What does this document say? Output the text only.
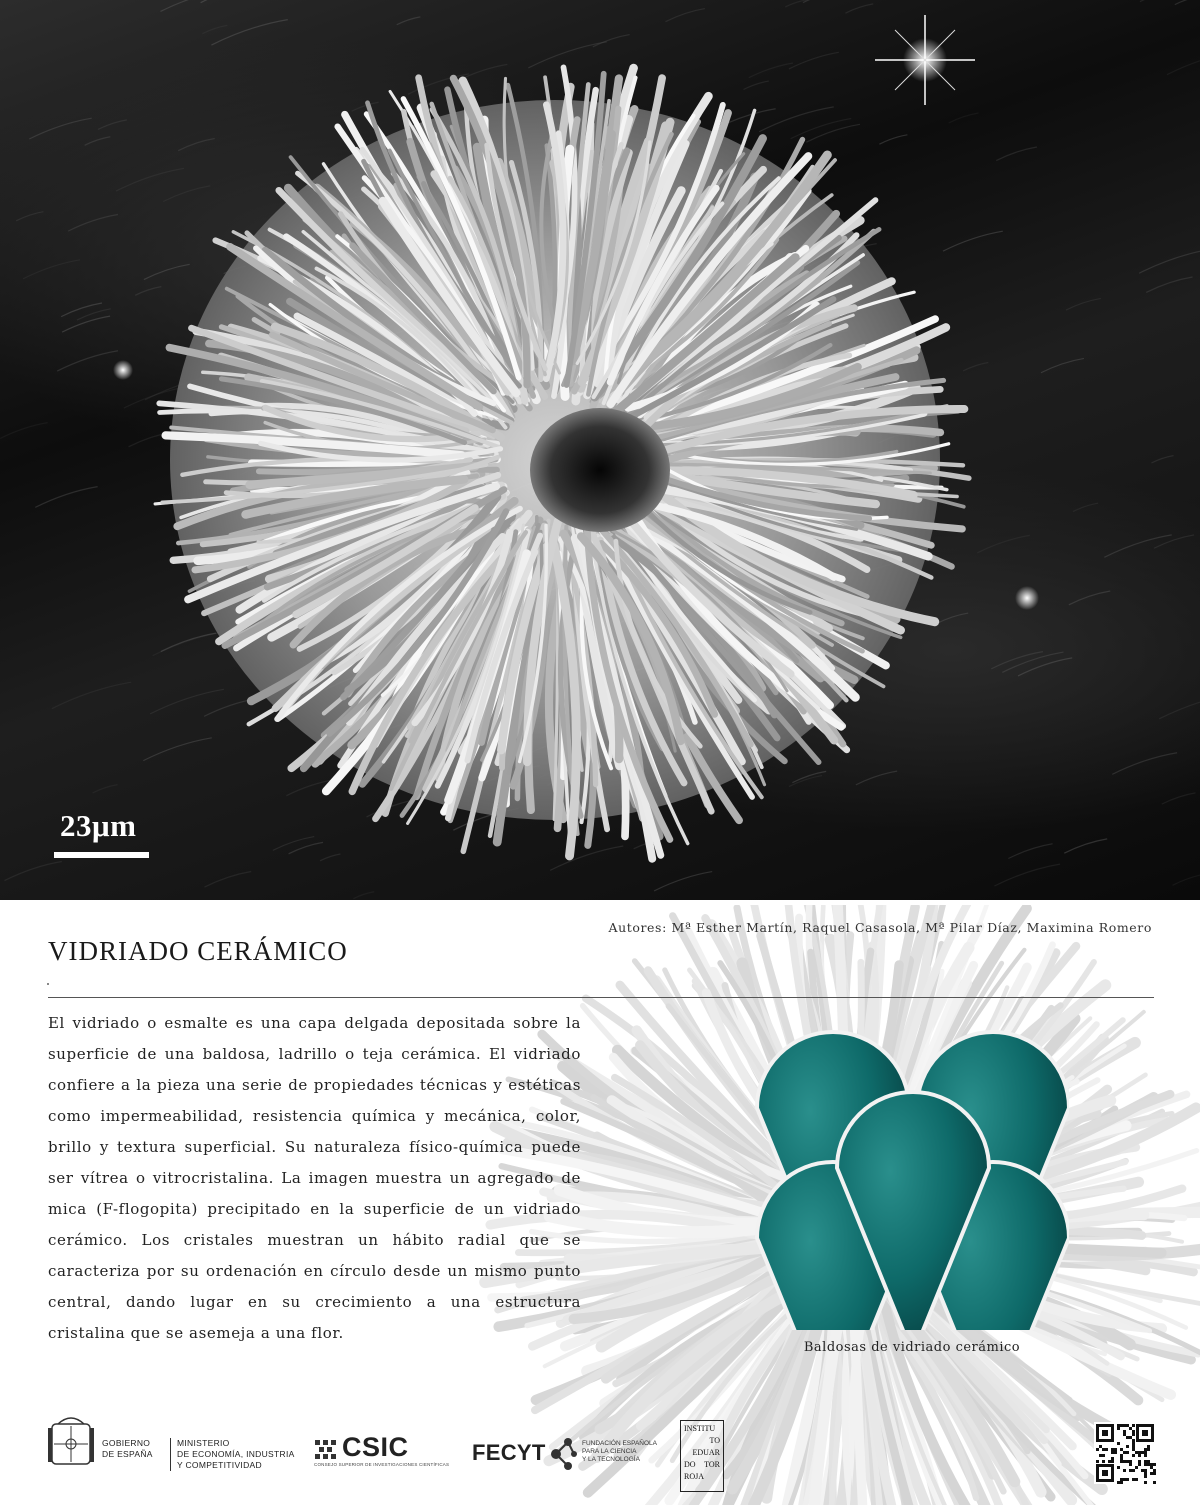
23μm
Autores: Mª Esther Martín, Raquel Casasola, Mª Pilar Díaz, Maximina Romero
VIDRIADO CERÁMICO
El vidriado o esmalte es una capa delgada depositada sobre la superficie de una baldosa, ladrillo o teja cerámica. El vidriado confiere a la pieza una serie de propiedades técnicas y estéticas como impermeabilidad, resistencia química y mecánica, color, brillo y textura superficial. Su naturaleza físico-química puede ser vítrea o vitrocristalina. La imagen muestra un agregado de mica (F-flogopita) precipitado en la superficie de un vidriado cerámico. Los cristales muestran un hábito radial que se caracteriza por su ordenación en círculo desde un mismo punto central, dando lugar en su crecimiento a una estructura cristalina que se asemeja a una flor.
Baldosas de vidriado cerámico
GOBIERNO
DE ESPAÑA
MINISTERIO
DE ECONOMÍA, INDUSTRIA
Y COMPETITIVIDAD
CSIC
CONSEJO SUPERIOR DE INVESTIGACIONES CIENTÍFICAS FECYT	FUNDACIÓN ESPAÑOLA
PARA LA CIENCIA
Y LA TECNOLOGÍA
INSTITU
TO
EDUAR
DO	TOR
ROJA
